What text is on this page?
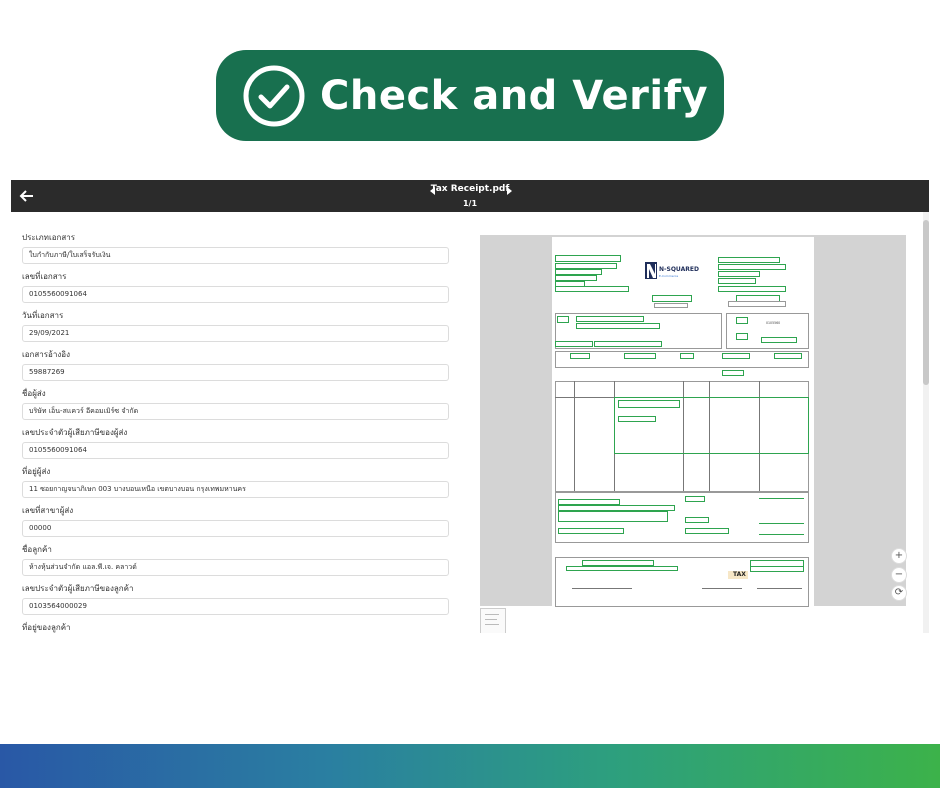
Check and Verify
Tax Receipt.pdf
1/1
ประเภทเอกสาร
ใบกำกับภาษี/ใบเสร็จรับเงิน
เลขที่เอกสาร
0105560091064
วันที่เอกสาร
29/09/2021
เอกสารอ้างอิง
59887269
ชื่อผู้ส่ง
บริษัท เอ็น-สแควร์ อีคอมเมิร์ซ จำกัด
เลขประจำตัวผู้เสียภาษีของผู้ส่ง
0105560091064
ที่อยู่ผู้ส่ง
11 ซอยกาญจนาภิเษก 003 บางบอนเหนือ เขตบางบอน กรุงเทพมหานคร
เลขที่สาขาผู้ส่ง
00000
ชื่อลูกค้า
ห้างหุ้นส่วนจำกัด แอล.พี.เจ. คลาวด์
เลขประจำตัวผู้เสียภาษีของลูกค้า
0103564000029
ที่อยู่ของลูกค้า
N-SQUARED
E-Commerce
0105560
TAX
+
−
⟳
